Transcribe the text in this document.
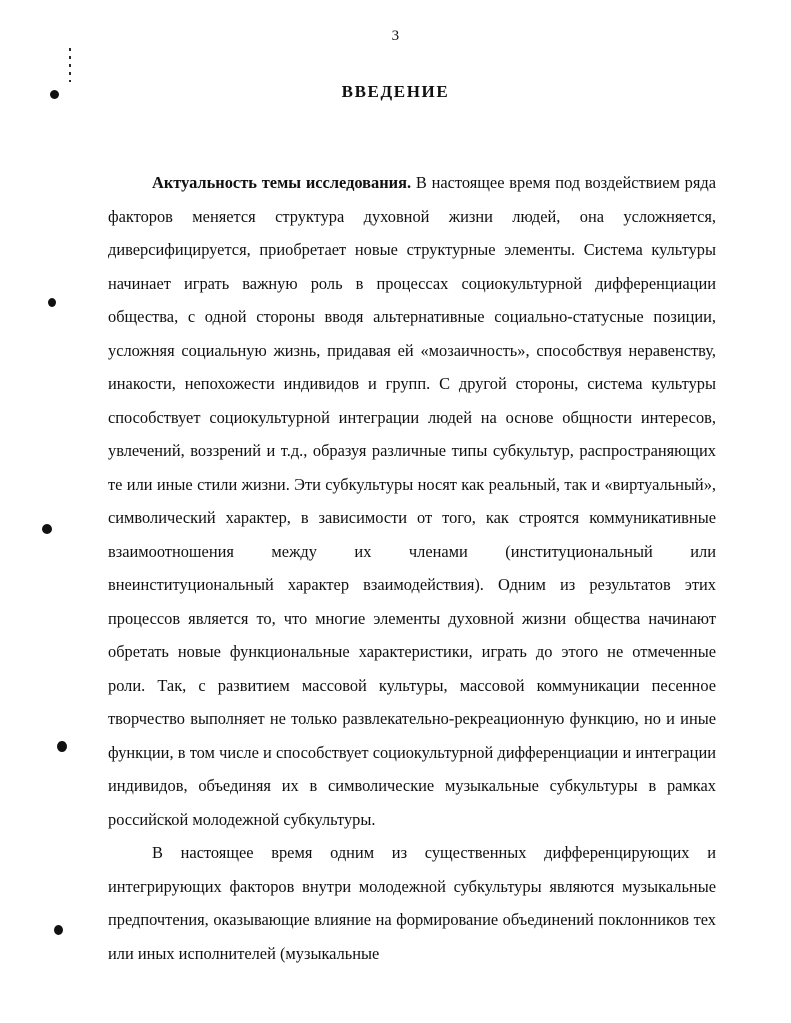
3
ВВЕДЕНИЕ

Актуальность темы исследования. В настоящее время под воздействием ряда факторов меняется структура духовной жизни людей, она усложняется, диверсифицируется, приобретает новые структурные элементы. Система культуры начинает играть важную роль в процессах социокультурной дифференциации общества, с одной стороны вводя альтернативные социально-статусные позиции, усложняя социальную жизнь, придавая ей «мозаичность», способствуя неравенству, инакости, непохожести индивидов и групп. С другой стороны, система культуры способствует социокультурной интеграции людей на основе общности интересов, увлечений, воззрений и т.д., образуя различные типы субкультур, распространяющих те или иные стили жизни. Эти субкультуры носят как реальный, так и «виртуальный», символический характер, в зависимости от того, как строятся коммуникативные взаимоотношения между их членами (институциональный или внеинституциональный характер взаимодействия). Одним из результатов этих процессов является то, что многие элементы духовной жизни общества начинают обретать новые функциональные характеристики, играть до этого не отмеченные роли. Так, с развитием массовой культуры, массовой коммуникации песенное творчество выполняет не только развлекательно-рекреационную функцию, но и иные функции, в том числе и способствует социокультурной дифференциации и интеграции индивидов, объединяя их в символические музыкальные субкультуры в рамках российской молодежной субкультуры.

В настоящее время одним из существенных дифференцирующих и интегрирующих факторов внутри молодежной субкультуры являются музыкальные предпочтения, оказывающие влияние на формирование объединений поклонников тех или иных исполнителей (музыкальные
